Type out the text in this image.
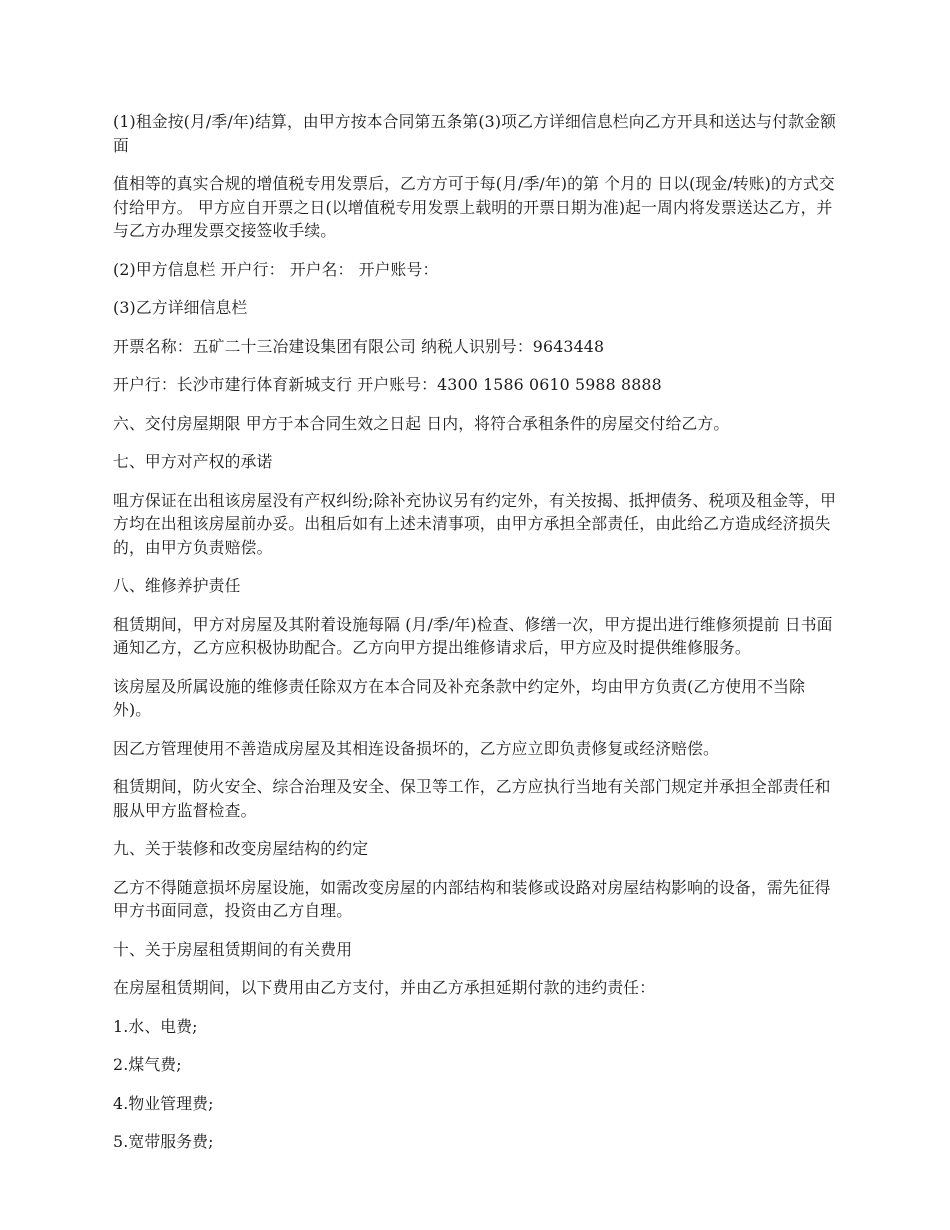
(1)租金按(月/季/年)结算，由甲方按本合同第五条第(3)项乙方详细信息栏向乙方开具和送达与付款金额面

值相等的真实合规的增值税专用发票后，乙方方可于每(月/季/年)的第 个月的 日以(现金/转账)的方式交付给甲方。 甲方应自开票之日(以增值税专用发票上载明的开票日期为准)起一周内将发票送达乙方，并与乙方办理发票交接签收手续。

(2)甲方信息栏 开户行： 开户名： 开户账号：

(3)乙方详细信息栏

开票名称：五矿二十三冶建设集团有限公司 纳税人识别号：9643448

开户行：长沙市建行体育新城支行 开户账号：4300 1586 0610 5988 8888

六、交付房屋期限 甲方于本合同生效之日起 日内，将符合承租条件的房屋交付给乙方。

七、甲方对产权的承诺

咀方保证在出租该房屋没有产权纠纷;除补充协议另有约定外，有关按揭、抵押债务、税项及租金等，甲方均在出租该房屋前办妥。出租后如有上述未清事项，由甲方承担全部责任，由此给乙方造成经济损失的，由甲方负责赔偿。

八、维修养护责任

租赁期间，甲方对房屋及其附着设施每隔 (月/季/年)检查、修缮一次，甲方提出进行维修须提前 日书面通知乙方，乙方应积极协助配合。乙方向甲方提出维修请求后，甲方应及时提供维修服务。

该房屋及所属设施的维修责任除双方在本合同及补充条款中约定外，均由甲方负责(乙方使用不当除外)。

因乙方管理使用不善造成房屋及其相连设备损坏的，乙方应立即负责修复或经济赔偿。

租赁期间，防火安全、综合治理及安全、保卫等工作，乙方应执行当地有关部门规定并承担全部责任和服从甲方监督检查。

九、关于装修和改变房屋结构的约定

乙方不得随意损坏房屋设施，如需改变房屋的内部结构和装修或设路对房屋结构影响的设备，需先征得甲方书面同意，投资由乙方自理。

十、关于房屋租赁期间的有关费用

在房屋租赁期间，以下费用由乙方支付，并由乙方承担延期付款的违约责任：

1.水、电费;

2.煤气费;

4.物业管理费;

5.宽带服务费;
